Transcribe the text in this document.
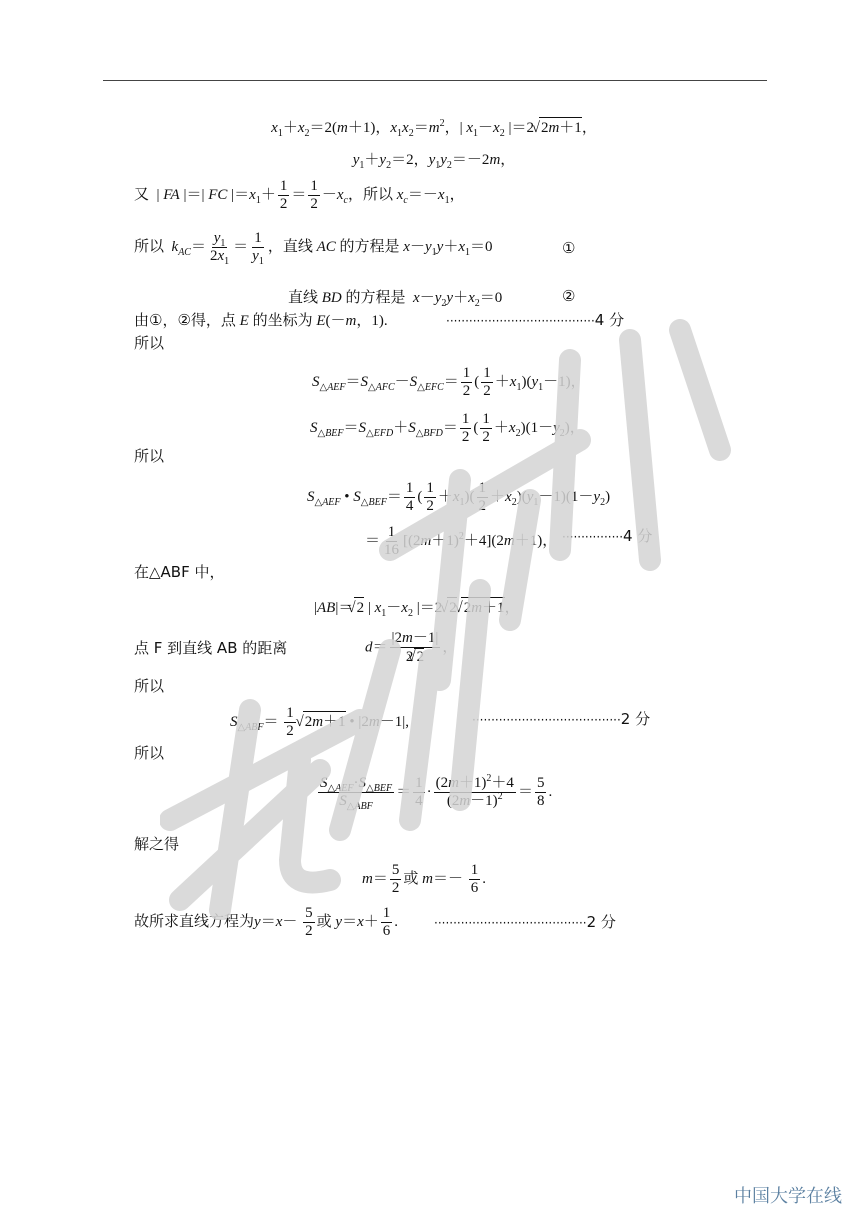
$x_1+x_2=2(m+1)$，$x_1x_2=m^2$，| $x_1-x_2$ |＝2 √ 2m＋1，
$y_1+y_2=2$，$y_1y_2=-2m$，
又  | FA |＝| FC $|=x_1+ \frac{1}{2} = \frac{1}{2} -x_c$，所以 $x_c=-x_1$，
所以 $k_{AC}= \frac{y_1}{2x_1} = \frac{1}{y_1}$ ，直线 AC 的方程是 $x-y_1y+x_1=0$	①
直线 BD 的方程是 $x-y_2y+x_2=0$	②
由①，②得，点 E 的坐标为 E(－m，1).	·······································4 分
所以
$S_{\triangle AEF}=S_{\triangle AFC}-S_{\triangle EFC}= \frac{1}{2}$ ( $\frac{1}{2} +x_1)(y_1-1)$，
$S_{\triangle BEF}=S_{\triangle EFD}+S_{\triangle BFD}= \frac{1}{2}$ ( $\frac{1}{2} +x_2)(1-y_2)$，
所以
$S_{\triangle AEF}$ • $S_{\triangle BEF}= \frac{1}{4}$ ( $\frac{1}{2} +x_1)( \frac{1}{2} +x_2)(y_1-1)(1-y_2)$
＝ $\frac{1}{16} [(2m+1)^2+4](2m+1)$， ················4 分
在△ABF 中，
|AB|＝ √ 2 | $x_1-x_2$ |＝2 √ 2 √ 2m＋1，
点 F 到直线 AB 的距离	$d= \frac{|2m-1|}{2 √ 2}$ ，
所以
$S_{\triangle ABF}= \frac{1}{2}$ √ 2m＋1 • |2m－1|,	·······································2 分
所以
$\frac{S_{\triangle AEF}\cdot S_{\triangle BEF}}{S_{\triangle ABF}} = \frac{1}{4} \cdot \frac{(2m+1)^2+4}{(2m-1)^2} = \frac{5}{8}$ .
解之得
$m= \frac{5}{2}$ 或 $m=- \frac{1}{6}$ .
故所求直线方程为$y=x- \frac{5}{2}$ 或 $y=x+ \frac{1}{6}$ .	········································2 分
中国大学在线
